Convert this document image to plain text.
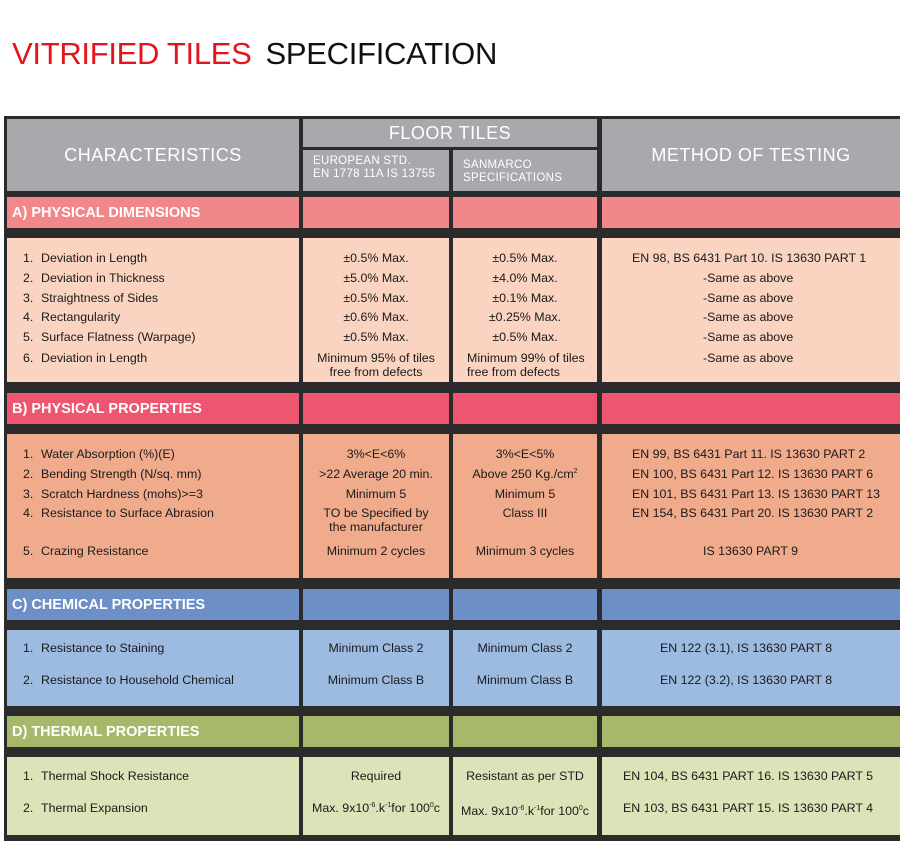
VITRIFIED TILES SPECIFICATION
CHARACTERISTICS
FLOOR TILES
EUROPEAN STD.
EN 1778 11A IS 13755
SANMARCO
SPECIFICATIONS
METHOD OF TESTING
A) PHYSICAL DIMENSIONS
1. Deviation in Length
2. Deviation in Thickness
3. Straightness of Sides
4. Rectangularity
5. Surface Flatness (Warpage)
6. Deviation in Length
±0.5% Max.
±5.0% Max.
±0.5% Max.
±0.6% Max.
±0.5% Max.
Minimum 95% of tiles
free from defects
±0.5% Max.
±4.0% Max.
±0.1% Max.
±0.25% Max.
±0.5% Max.
Minimum 99% of tiles
free from defects
EN 98, BS 6431 Part 10. IS 13630 PART 1
-Same as above
-Same as above
-Same as above
-Same as above
-Same as above
B) PHYSICAL PROPERTIES
1. Water Absorption (%)(E)
2. Bending Strength (N/sq. mm)
3. Scratch Hardness (mohs)>=3
4. Resistance to Surface Abrasion
5. Crazing Resistance
3%<E<6%
>22 Average 20 min.
Minimum 5
TO be Specified by
the manufacturer
Minimum 2 cycles
3%<E<5%
Above 250 $Kg./cm^2$
Minimum 5
Class III
Minimum 3 cycles
EN 99, BS 6431 Part 11. IS 13630 PART 2
EN 100, BS 6431 Part 12. IS 13630 PART 6
EN 101, BS 6431 Part 13. IS 13630 PART 13
EN 154, BS 6431 Part 20. IS 13630 PART 2
IS 13630 PART 9
C) CHEMICAL PROPERTIES
1. Resistance to Staining
2. Resistance to Household Chemical
Minimum Class 2
Minimum Class B
Minimum Class 2
Minimum Class B
EN 122 (3.1), IS 13630 PART 8
EN 122 (3.2), IS 13630 PART 8
D) THERMAL PROPERTIES
1. Thermal Shock Resistance
2. Thermal Expansion
Required
Max. $9x10^{-6}.k^{-1}for$ $100^0c$
Resistant as per STD
Max. $9x10^{-6}.k^{-1}for$ $100^0c$
EN 104, BS 6431 PART 16. IS 13630 PART 5
EN 103, BS 6431 PART 15. IS 13630 PART 4
